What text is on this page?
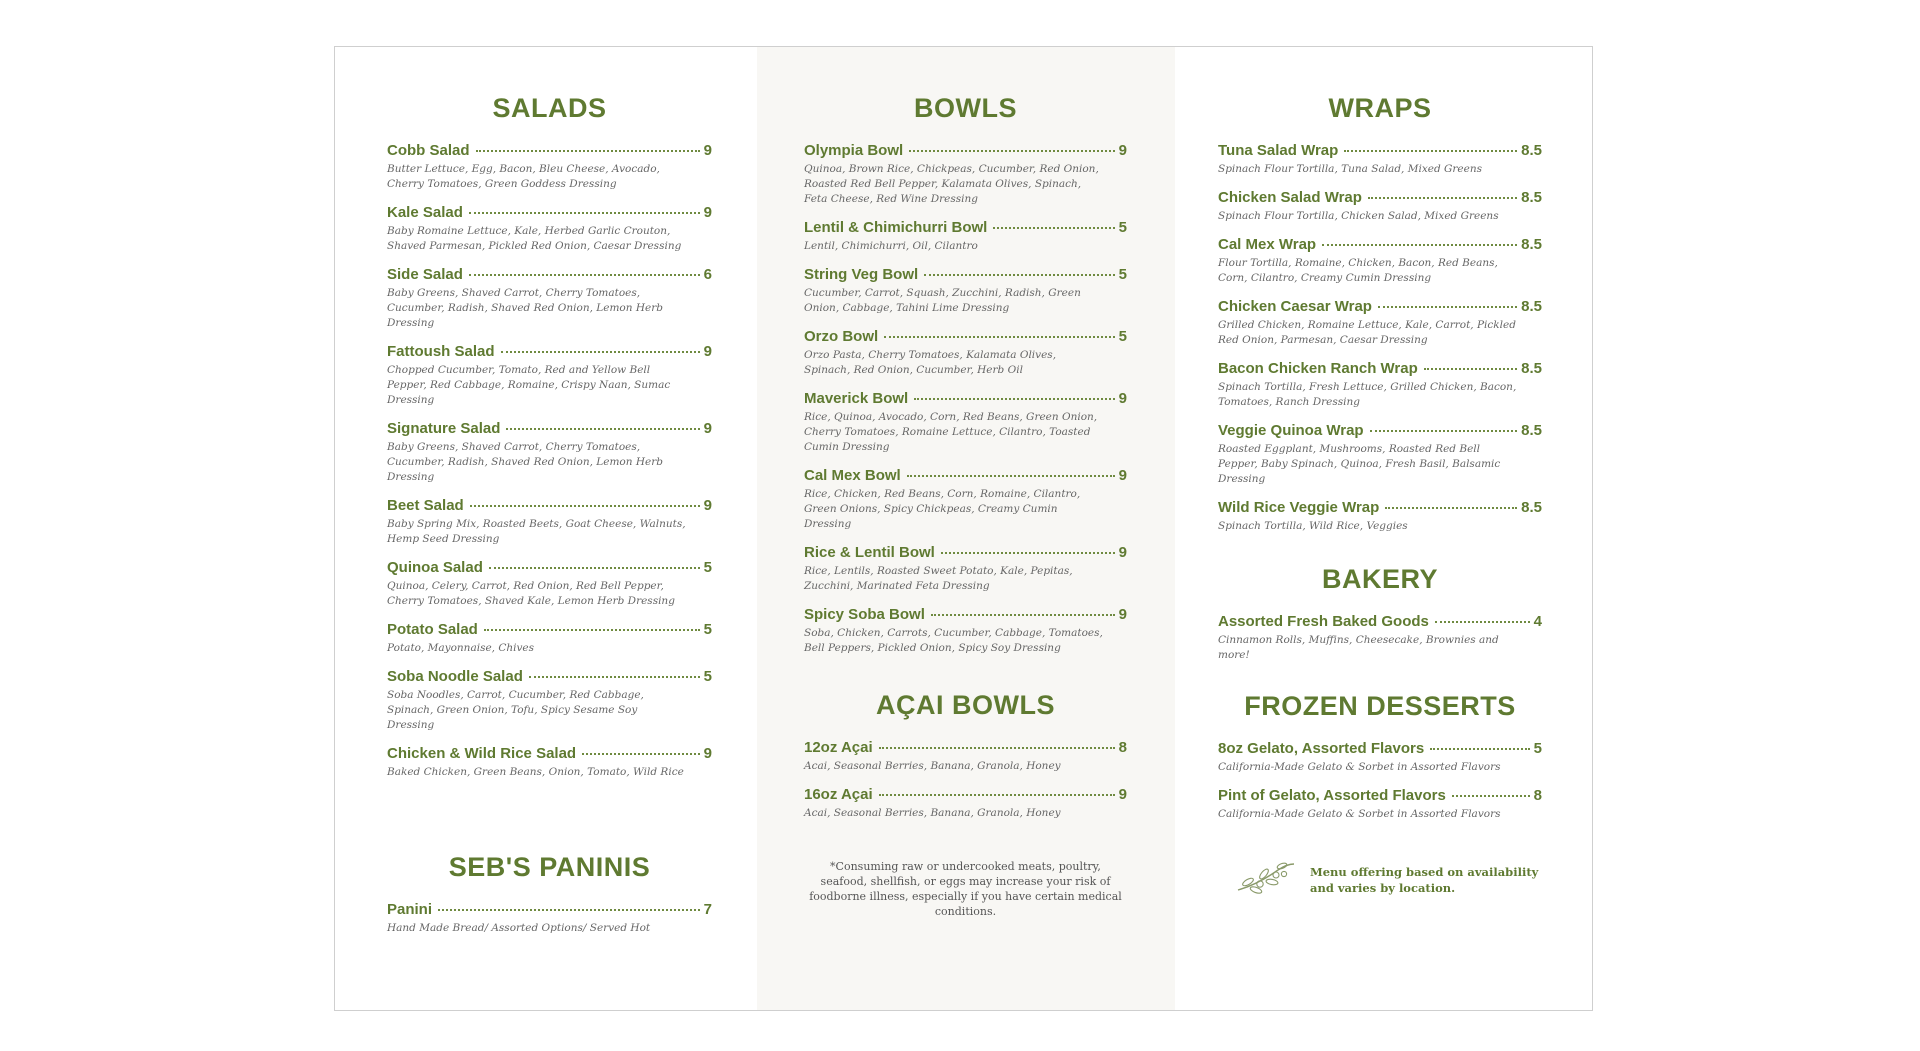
SALADS
Cobb Salad	9
Butter Lettuce, Egg, Bacon, Bleu Cheese, Avocado, Cherry Tomatoes, Green Goddess Dressing
Kale Salad	9
Baby Romaine Lettuce, Kale, Herbed Garlic Crouton, Shaved Parmesan, Pickled Red Onion, Caesar Dressing
Side Salad	6
Baby Greens, Shaved Carrot, Cherry Tomatoes, Cucumber, Radish, Shaved Red Onion, Lemon Herb Dressing
Fattoush Salad	9
Chopped Cucumber, Tomato, Red and Yellow Bell Pepper, Red Cabbage, Romaine, Crispy Naan, Sumac Dressing
Signature Salad	9
Baby Greens, Shaved Carrot, Cherry Tomatoes, Cucumber, Radish, Shaved Red Onion, Lemon Herb Dressing
Beet Salad	9
Baby Spring Mix, Roasted Beets, Goat Cheese, Walnuts, Hemp Seed Dressing
Quinoa Salad	5
Quinoa, Celery, Carrot, Red Onion, Red Bell Pepper, Cherry Tomatoes, Shaved Kale, Lemon Herb Dressing
Potato Salad	5
Potato, Mayonnaise, Chives
Soba Noodle Salad	5
Soba Noodles, Carrot, Cucumber, Red Cabbage, Spinach, Green Onion, Tofu, Spicy Sesame Soy Dressing
Chicken & Wild Rice Salad	9
Baked Chicken, Green Beans, Onion, Tomato, Wild Rice
SEB'S PANINIS
Panini	7
Hand Made Bread/ Assorted Options/ Served Hot
BOWLS
Olympia Bowl	9
Quinoa, Brown Rice, Chickpeas, Cucumber, Red Onion, Roasted Red Bell Pepper, Kalamata Olives, Spinach, Feta Cheese, Red Wine Dressing
Lentil & Chimichurri Bowl	5
Lentil, Chimichurri, Oil, Cilantro
String Veg Bowl	5
Cucumber, Carrot, Squash, Zucchini, Radish, Green Onion, Cabbage, Tahini Lime Dressing
Orzo Bowl	5
Orzo Pasta, Cherry Tomatoes, Kalamata Olives, Spinach, Red Onion, Cucumber, Herb Oil
Maverick Bowl	9
Rice, Quinoa, Avocado, Corn, Red Beans, Green Onion, Cherry Tomatoes, Romaine Lettuce, Cilantro, Toasted Cumin Dressing
Cal Mex Bowl	9
Rice, Chicken, Red Beans, Corn, Romaine, Cilantro, Green Onions, Spicy Chickpeas, Creamy Cumin Dressing
Rice & Lentil Bowl	9
Rice, Lentils, Roasted Sweet Potato, Kale, Pepitas, Zucchini, Marinated Feta Dressing
Spicy Soba Bowl	9
Soba, Chicken, Carrots, Cucumber, Cabbage, Tomatoes, Bell Peppers, Pickled Onion, Spicy Soy Dressing
AÇAI BOWLS
12oz Açai	8
Acai, Seasonal Berries, Banana, Granola, Honey
16oz Açai	9
Acai, Seasonal Berries, Banana, Granola, Honey
*Consuming raw or undercooked meats, poultry, seafood, shellfish, or eggs may increase your risk of foodborne illness, especially if you have certain medical conditions.
WRAPS
Tuna Salad Wrap	8.5
Spinach Flour Tortilla, Tuna Salad, Mixed Greens
Chicken Salad Wrap	8.5
Spinach Flour Tortilla, Chicken Salad, Mixed Greens
Cal Mex Wrap	8.5
Flour Tortilla, Romaine, Chicken, Bacon, Red Beans, Corn, Cilantro, Creamy Cumin Dressing
Chicken Caesar Wrap	8.5
Grilled Chicken, Romaine Lettuce, Kale, Carrot, Pickled Red Onion, Parmesan, Caesar Dressing
Bacon Chicken Ranch Wrap	8.5
Spinach Tortilla, Fresh Lettuce, Grilled Chicken, Bacon, Tomatoes, Ranch Dressing
Veggie Quinoa Wrap	8.5
Roasted Eggplant, Mushrooms, Roasted Red Bell Pepper, Baby Spinach, Quinoa, Fresh Basil, Balsamic Dressing
Wild Rice Veggie Wrap	8.5
Spinach Tortilla, Wild Rice, Veggies
BAKERY
Assorted Fresh Baked Goods	4
Cinnamon Rolls, Muffins, Cheesecake, Brownies and more!
FROZEN DESSERTS
8oz Gelato, Assorted Flavors	5
California-Made Gelato & Sorbet in Assorted Flavors
Pint of Gelato, Assorted Flavors	8
California-Made Gelato & Sorbet in Assorted Flavors
Menu offering based on availability and varies by location.
